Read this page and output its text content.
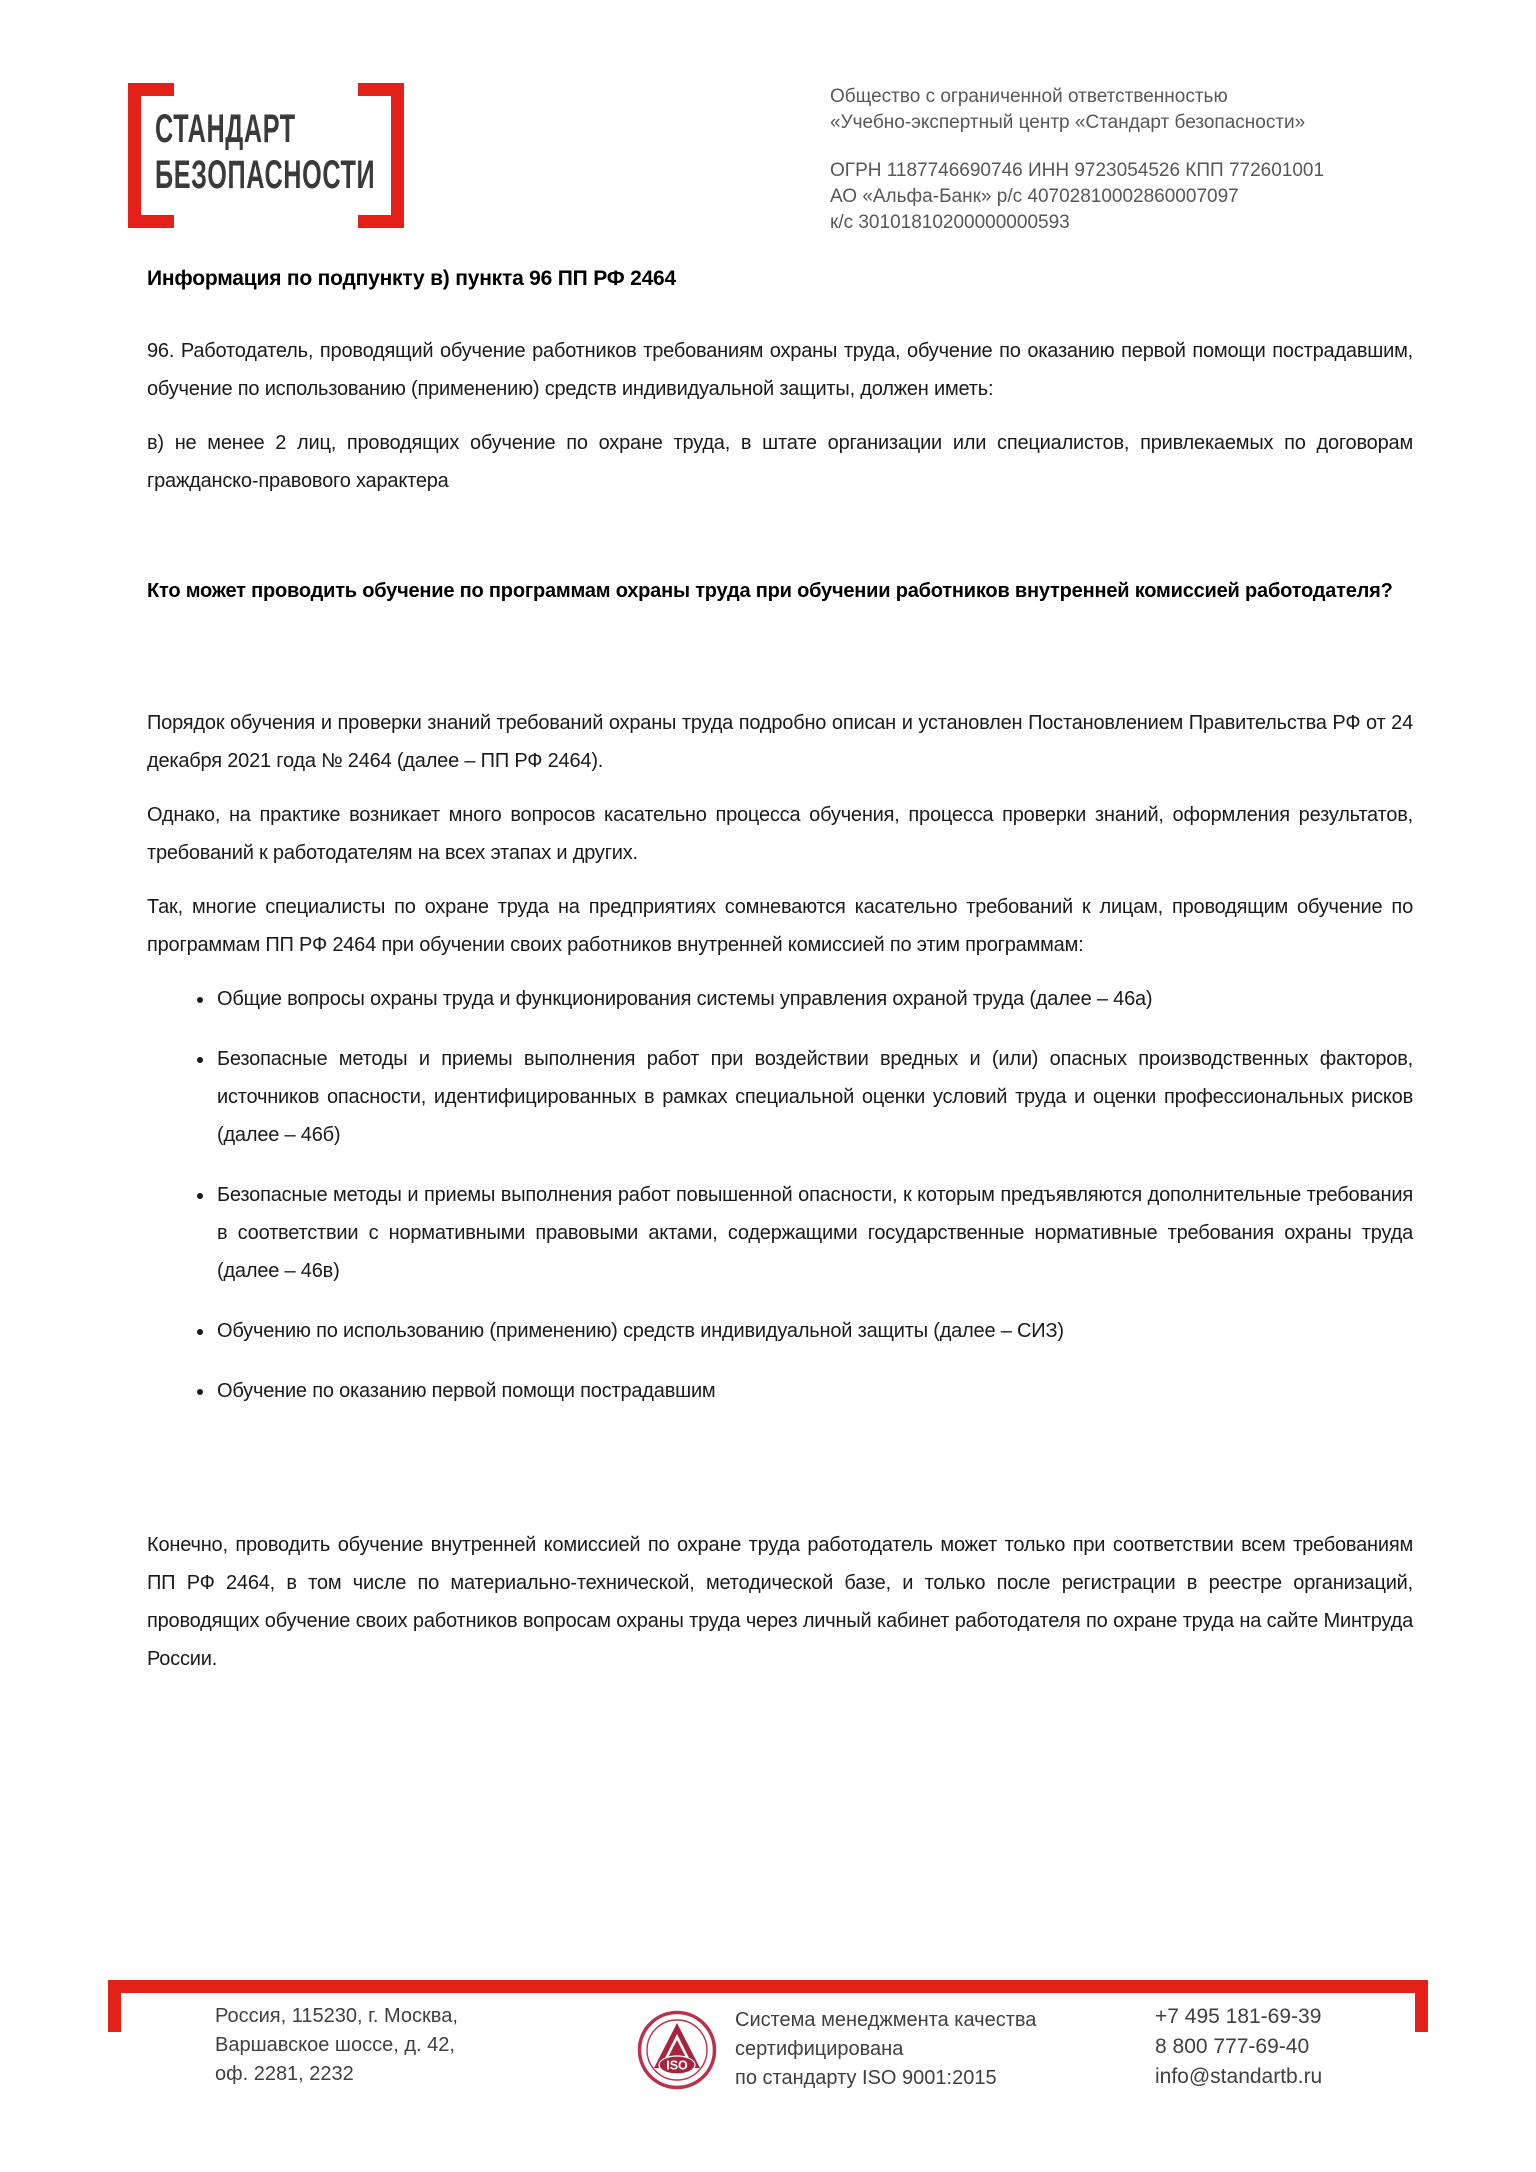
СТАНДАРТ
БЕЗОПАСНОСТИ
Общество с ограниченной ответственностью
«Учебно-экспертный центр «Стандарт безопасности»
ОГРН 1187746690746 ИНН 9723054526 КПП 772601001
АО «Альфа-Банк» р/с 40702810002860007097
к/с 30101810200000000593
Информация по подпункту в) пункта 96 ПП РФ 2464

96. Работодатель, проводящий обучение работников требованиям охраны труда, обучение по оказанию первой помощи пострадавшим, обучение по использованию (применению) средств индивидуальной защиты, должен иметь:

в) не менее 2 лиц, проводящих обучение по охране труда, в штате организации или специалистов, привлекаемых по договорам гражданско-правового характера

Кто может проводить обучение по программам охраны труда при обучении работников внутренней комиссией работодателя?

Порядок обучения и проверки знаний требований охраны труда подробно описан и установлен Постановлением Правительства РФ от 24 декабря 2021 года № 2464 (далее – ПП РФ 2464).

Однако, на практике возникает много вопросов касательно процесса обучения, процесса проверки знаний, оформления результатов, требований к работодателям на всех этапах и других.

Так, многие специалисты по охране труда на предприятиях сомневаются касательно требований к лицам, проводящим обучение по программам ПП РФ 2464 при обучении своих работников внутренней комиссией по этим программам:

• Общие вопросы охраны труда и функционирования системы управления охраной труда (далее – 46а)
• Безопасные методы и приемы выполнения работ при воздействии вредных и (или) опасных производственных факторов, источников опасности, идентифицированных в рамках специальной оценки условий труда и оценки профессиональных рисков (далее – 46б)
• Безопасные методы и приемы выполнения работ повышенной опасности, к которым предъявляются дополнительные требования в соответствии с нормативными правовыми актами, содержащими государственные нормативные требования охраны труда (далее – 46в)
• Обучению по использованию (применению) средств индивидуальной защиты (далее – СИЗ)
• Обучение по оказанию первой помощи пострадавшим

Конечно, проводить обучение внутренней комиссией по охране труда работодатель может только при соответствии всем требованиям ПП РФ 2464, в том числе по материально-технической, методической базе, и только после регистрации в реестре организаций, проводящих обучение своих работников вопросам охраны труда через личный кабинет работодателя по охране труда на сайте Минтруда России.

Россия, 115230, г. Москва,
Варшавское шоссе, д. 42,
оф. 2281, 2232	ISO
Система менеджмента качества
сертифицирована
по стандарту ISO 9001:2015
+7 495 181-69-39
8 800 777-69-40
info@standartb.ru
